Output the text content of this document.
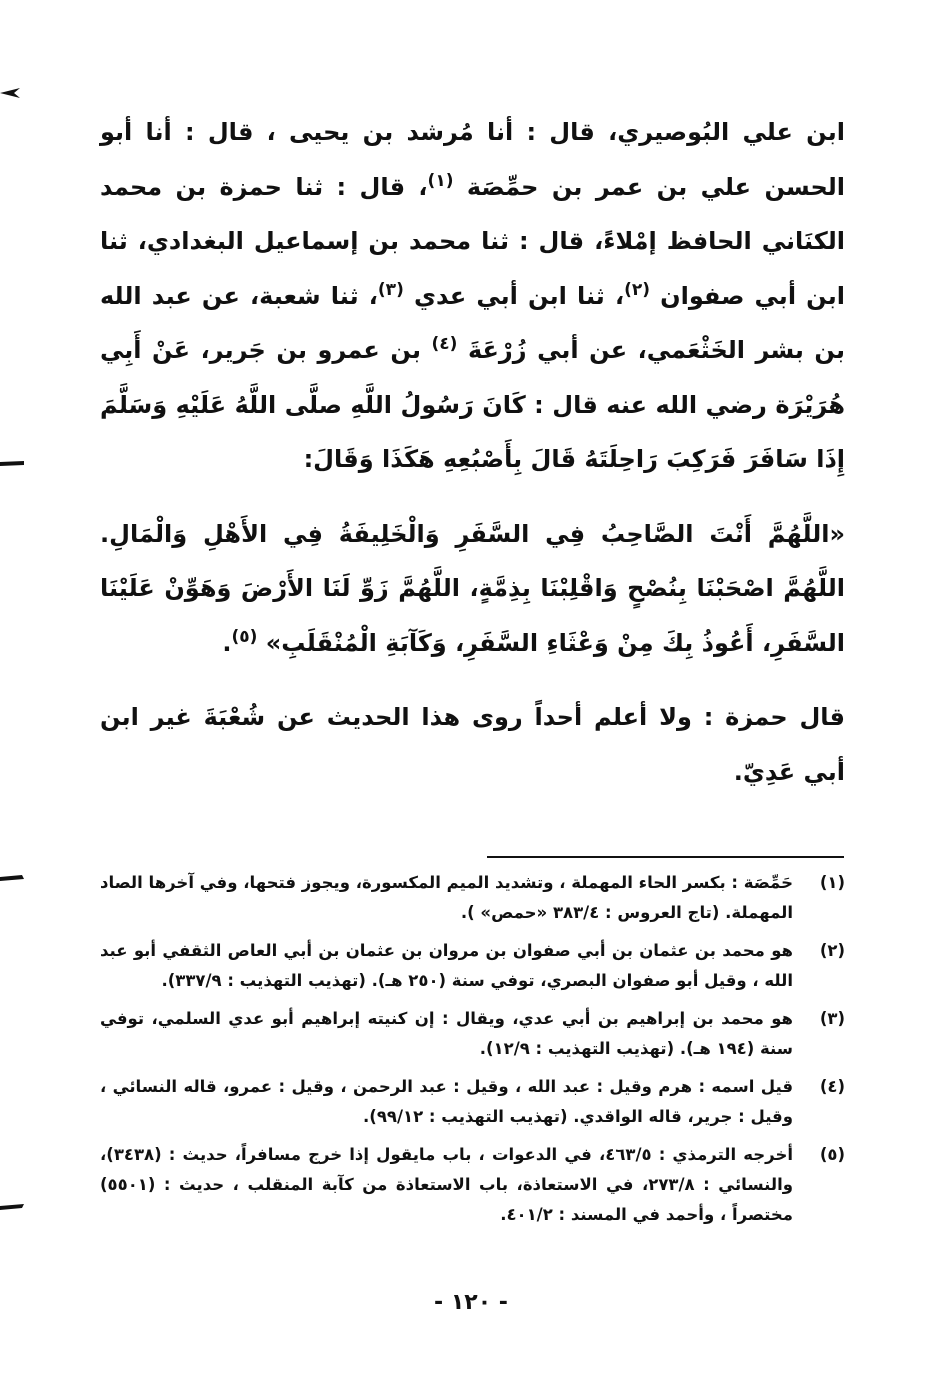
ابن علي البُوصيري، قال : أنا مُرشد بن يحيى ، قال : أنا أبو الحسن علي بن عمر بن حمِّصَة $^{(١)}$، قال : ثنا حمزة بن محمد الكنَاني الحافظ إمْلاءً، قال : ثنا محمد بن إسماعيل البغدادي، ثنا ابن أبي صفوان $^{(٢)}$، ثنا ابن أبي عدي $^{(٣)}$، ثنا شعبة، عن عبد الله بن بشر الخَثْعَمي، عن أبي زُرْعَةَ $^{(٤)}$ بن عمرو بن جَرير، عَنْ أَبِي هُرَيْرَة رضي الله عنه قال : كَانَ رَسُولُ اللَّهِ صلَّى اللَّهُ عَلَيْهِ وَسَلَّمَ إِذَا سَافَرَ فَرَكِبَ رَاحِلَتَهُ قَالَ بِأَصْبُعِهِ هَكَذَا وَقَالَ:

«اللَّهُمَّ أَنْتَ الصَّاحِبُ فِي السَّفَرِ وَالْخَلِيفَةُ فِي الأَهْلِ وَالْمَالِ. اللَّهُمَّ اصْحَبْنَا بِنُصْحٍ وَاقْلِبْنَا بِذِمَّةٍ، اللَّهُمَّ زَوِّ لَنَا الأَرْضَ وَهَوِّنْ عَلَيْنَا السَّفَرِ، أَعُوذُ بِكَ مِنْ وَعْثَاءِ السَّفَرِ، وَكَآبَةِ الْمُنْقَلَبِ» $^{(٥)}$.

قال حمزة : ولا أعلم أحداً روى هذا الحديث عن شُعْبَةَ غير ابن أبي عَدِيّ.

(١)
حَمِّصَة : بكسر الحاء المهملة ، وتشديد الميم المكسورة، ويجوز فتحها، وفي آخرها الصاد المهملة. (تاج العروس : ٣٨٣/٤ «حمص» ).
(٢)
هو محمد بن عثمان بن أبي صفوان بن مروان بن عثمان بن أبي العاص الثقفي أبو عبد الله ، وقيل أبو صفوان البصري، توفي سنة (٢٥٠ هـ). (تهذيب التهذيب : ٣٣٧/٩).
(٣)
هو محمد بن إبراهيم بن أبي عدي، ويقال : إن كنيته إبراهيم أبو عدي السلمي، توفي سنة (١٩٤ هـ). (تهذيب التهذيب : ١٢/٩).
(٤)
قيل اسمه : هرم وقيل : عبد الله ، وقيل : عبد الرحمن ، وقيل : عمرو، قاله النسائي ، وقيل : جرير، قاله الواقدي. (تهذيب التهذيب : ٩٩/١٢).
(٥)
أخرجه الترمذي : ٤٦٣/٥، في الدعوات ، باب مايقول إذا خرج مسافراً، حديث : (٣٤٣٨)، والنسائي : ٢٧٣/٨، في الاستعاذة، باب الاستعاذة من كآبة المنقلب ، حديث : (٥٥٠١) مختصراً ، وأحمد في المسند : ٤٠١/٢.
- ١٢٠ -
